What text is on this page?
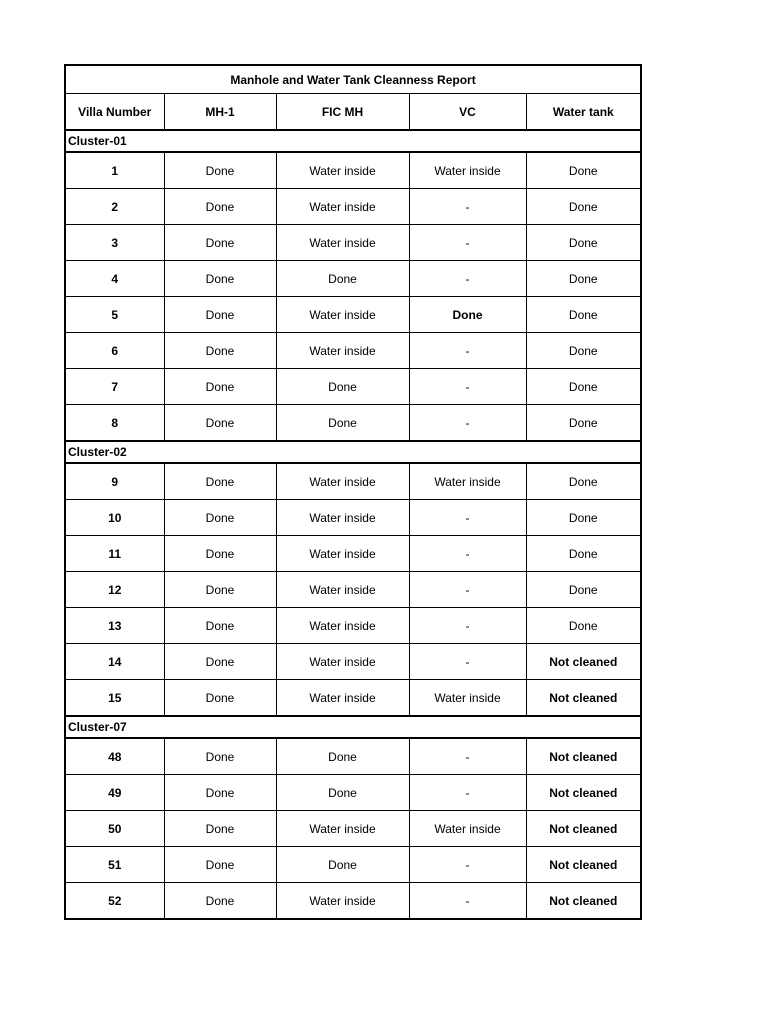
Manhole and Water Tank Cleanness Report				
Villa Number	MH-1	FIC MH	VC	Water tank
Cluster-01				
1	Done	Water inside	Water inside	Done
2	Done	Water inside	-	Done
3	Done	Water inside	-	Done
4	Done	Done	-	Done
5	Done	Water inside	Done	Done
6	Done	Water inside	-	Done
7	Done	Done	-	Done
8	Done	Done	-	Done
Cluster-02				
9	Done	Water inside	Water inside	Done
10	Done	Water inside	-	Done
11	Done	Water inside	-	Done
12	Done	Water inside	-	Done
13	Done	Water inside	-	Done
14	Done	Water inside	-	Not cleaned
15	Done	Water inside	Water inside	Not cleaned
Cluster-07				
48	Done	Done	-	Not cleaned
49	Done	Done	-	Not cleaned
50	Done	Water inside	Water inside	Not cleaned
51	Done	Done	-	Not cleaned
52	Done	Water inside	-	Not cleaned
